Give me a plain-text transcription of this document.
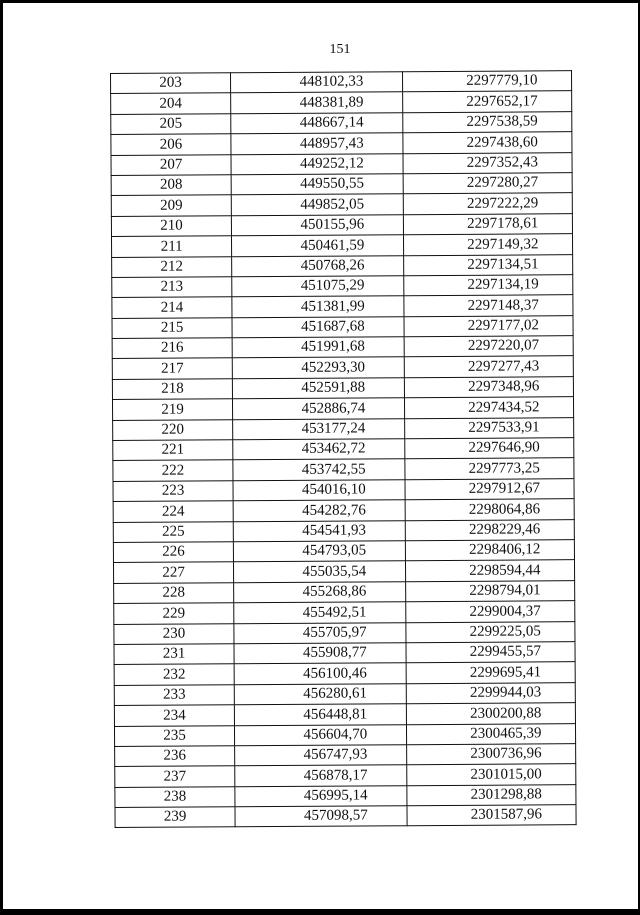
151
203	448102,33	2297779,10
204	448381,89	2297652,17
205	448667,14	2297538,59
206	448957,43	2297438,60
207	449252,12	2297352,43
208	449550,55	2297280,27
209	449852,05	2297222,29
210	450155,96	2297178,61
211	450461,59	2297149,32
212	450768,26	2297134,51
213	451075,29	2297134,19
214	451381,99	2297148,37
215	451687,68	2297177,02
216	451991,68	2297220,07
217	452293,30	2297277,43
218	452591,88	2297348,96
219	452886,74	2297434,52
220	453177,24	2297533,91
221	453462,72	2297646,90
222	453742,55	2297773,25
223	454016,10	2297912,67
224	454282,76	2298064,86
225	454541,93	2298229,46
226	454793,05	2298406,12
227	455035,54	2298594,44
228	455268,86	2298794,01
229	455492,51	2299004,37
230	455705,97	2299225,05
231	455908,77	2299455,57
232	456100,46	2299695,41
233	456280,61	2299944,03
234	456448,81	2300200,88
235	456604,70	2300465,39
236	456747,93	2300736,96
237	456878,17	2301015,00
238	456995,14	2301298,88
239	457098,57	2301587,96
